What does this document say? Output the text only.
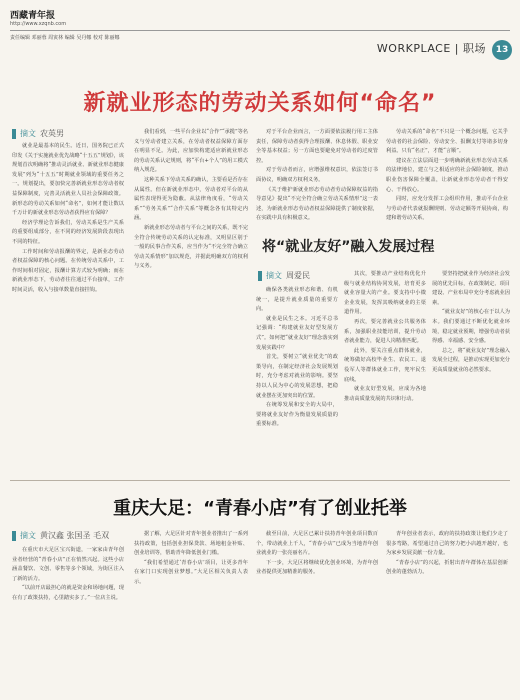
西藏青年报
http://www.xzqnb.com
责任编辑 邓丽蓉 周寅林 编辑 吴丹娜 校对 陈丽娜
WORKPLACE | 职场	13
新就业形态的劳动关系如何“命名”
摘文 农英男

就业是最基本的民生。近日，国务院已正式印发《关于实施就业优先战略“十五五”规划》，该规划首次明确将“推动灵活就业、新就业形态健康发展”列为“十五五”时期就业领域的重要任务之一。规划提出，要加快完善新就业形态劳动者权益保障制度，完善灵活就业人员社会保障政策。新形态的劳动关系如何“命名”，如何才能让数以千万计的新就业形态劳动者获得应有保障？

经济学理论告诉我们，劳动关系是生产关系的重要组成部分，在不同的经济发展阶段表现出不同的特征。

工作时间和劳动报酬的界定，是新业态劳动者权益保障的核心问题。在传统劳动关系中，工作时间相对固定，报酬计算方式较为明确；而在新就业形态下，劳动者往往通过平台接单，工作时间灵活，收入与接单数量直接挂钩。

我们看到，一些平台企业以“合作”“承揽”等名义与劳动者建立关系，在劳动者权益保障方面存在明显不足。为此，应加快构建适应新就业形态的劳动关系认定规则，将“平台+个人”的用工模式纳入规范。

这种关系下劳动关系的确认，主要看是否存在从属性。但在新就业形态中，劳动者对平台的从属性表现得更为隐蔽。从法律角度看，“劳动关系”“劳务关系”“合作关系”等概念各有其特定内涵。

新就业形态劳动者与平台之间的关系，既不完全符合传统劳动关系的认定标准，又明显区别于一般的民事合作关系，应当作为“不完全符合确立劳动关系情形”加以规范，并据此明确双方的权利与义务。

对于平台企业而言，一方面要依法履行用工主体责任，保障劳动者获得合理报酬、休息休假、职业安全等基本权益；另一方面也要避免对劳动者的过度管控。

对于劳动者而言，应增强维权意识，依法签订书面协议，明确双方权利义务。

《关于维护新就业形态劳动者劳动保障权益的指导意见》提出“不完全符合确立劳动关系情形”这一表述，为新就业形态劳动者权益保障提供了制度依据，在实践中具有积极意义。

劳动关系的“命名”不只是一个概念问题，它关乎劳动者的社会保险、劳动安全、报酬支付等诸多切身利益。只有“名正”，才能“言顺”。

建议在立法层面进一步明确新就业形态劳动关系的法律地位，建立与之相适应的社会保险制度，推动职业伤害保障全覆盖，让新就业形态劳动者干得安心、干得放心。

同时，应充分发挥工会组织作用，推动平台企业与劳动者代表就报酬规则、劳动定额等开展协商，构建和谐劳动关系。

将“就业友好”融入发展过程
摘文 周爱民

确保各类就业形态和谐、有机统一，是提升就业质量的重要方向。

就业是民生之本。习近平总书记强调：“构建就业友好型发展方式”。如何把“就业友好”理念落实到发展实践中？

首先，要树立“就业优先”的政策导向，在制定经济社会发展规划时，充分考虑对就业的影响。要坚持以人民为中心的发展思想，把稳就业摆在更加突出的位置。

在统筹发展和安全的大局中，要将就业友好作为衡量发展质量的重要标准。

其次，要推动产业结构优化升级与就业结构协同发展，培育更多就业容量大的产业。要支持中小微企业发展，发挥其吸纳就业的主渠道作用。

再次，要完善就业公共服务体系，加强职业技能培训，提升劳动者就业能力，促进人岗精准匹配。

此外，要关注重点群体就业，统筹做好高校毕业生、农民工、退役军人等群体就业工作，兜牢民生底线。

就业友好型发展，应成为各地推动高质量发展的共识和行动。

要坚持把就业作为经济社会发展的优先目标，在政策制定、项目建设、产业布局中充分考虑就业因素。

“就业友好”的核心在于以人为本。我们要通过不断优化就业环境，稳定就业预期，增强劳动者获得感、幸福感、安全感。

总之，将“就业友好”理念融入发展全过程，是推动实现更加充分更高质量就业的必然要求。

重庆大足：“青春小店”有了创业托举
摘文 黄汉鑫 张国圣 毛双

在重庆市大足区宝兴街道，一家家由青年创业者经营的“青春小店”正在悄然兴起。这些小店涵盖餐饮、文创、零售等多个领域，为街区注入了新的活力。

“以前开店最担心的就是资金和场地问题，现在有了政策扶持，心里踏实多了。”一位店主说。

据了解，大足区针对青年创业者推出了一系列扶持政策，包括创业担保贷款、场地租金补贴、创业培训等，帮助青年降低创业门槛。

“我们希望通过‘青春小店’项目，让更多青年在家门口实现创业梦想。”大足区相关负责人表示。

截至目前，大足区已累计扶持青年创业项目数百个，带动就业上千人，“青春小店”已成为当地青年创业就业的一张亮丽名片。

下一步，大足区将继续优化创业环境，为青年创业者提供更加精准的服务。

青年创业者表示，政府的扶持政策让他们少走了很多弯路，希望通过自己的努力把小店越开越好，也为家乡发展贡献一份力量。

“青春小店”的兴起，折射出青年群体在基层创新创业的蓬勃活力。
